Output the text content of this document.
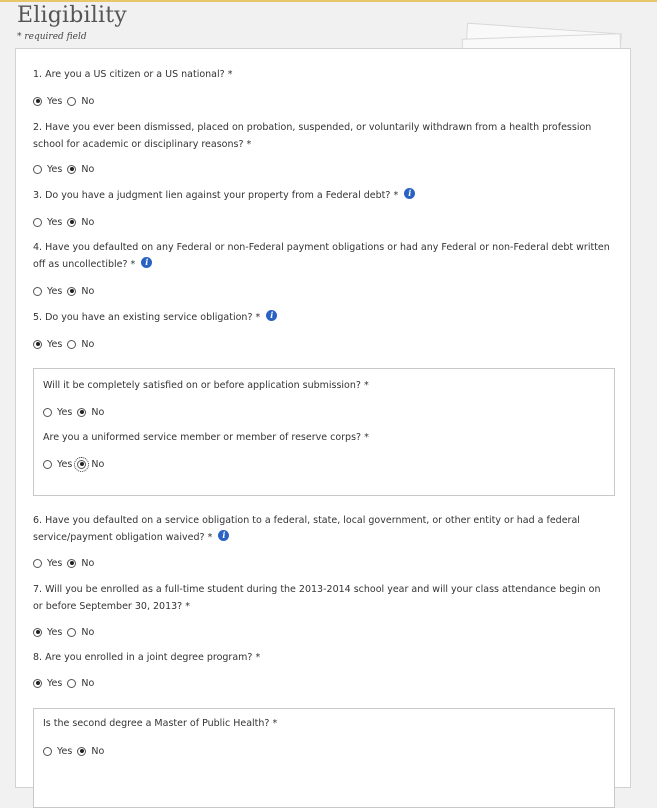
Eligibility
* required field
1. Are you a US citizen or a US national? *
Yes No
2. Have you ever been dismissed, placed on probation, suspended, or voluntarily withdrawn from a health profession school for academic or disciplinary reasons? *
Yes No
3. Do you have a judgment lien against your property from a Federal debt? * i
Yes No
4. Have you defaulted on any Federal or non-Federal payment obligations or had any Federal or non-Federal debt written off as uncollectible? * i
Yes No
5. Do you have an existing service obligation? * i
Yes No
Will it be completely satisfied on or before application submission? *
Yes No
Are you a uniformed service member or member of reserve corps? *
Yes No
6. Have you defaulted on a service obligation to a federal, state, local government, or other entity or had a federal service/payment obligation waived? * i
Yes No
7. Will you be enrolled as a full-time student during the 2013-2014 school year and will your class attendance begin on or before September 30, 2013? *
Yes No
8. Are you enrolled in a joint degree program? *
Yes No
Is the second degree a Master of Public Health? *
Yes No
